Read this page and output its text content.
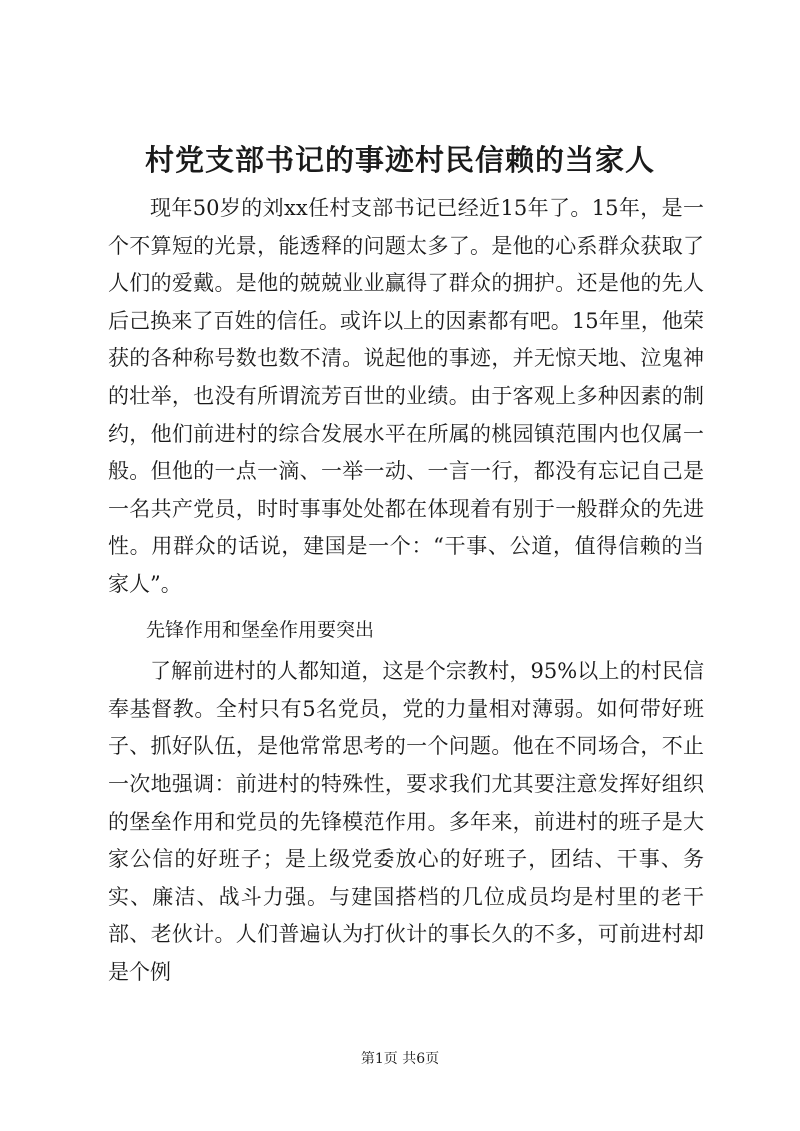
村党支部书记的事迹村民信赖的当家人

现年50岁的刘xx任村支部书记已经近15年了。15年，是一个不算短的光景，能透释的问题太多了。是他的心系群众获取了人们的爱戴。是他的兢兢业业赢得了群众的拥护。还是他的先人后己换来了百姓的信任。或许以上的因素都有吧。15年里，他荣获的各种称号数也数不清。说起他的事迹，并无惊天地、泣鬼神的壮举，也没有所谓流芳百世的业绩。由于客观上多种因素的制约，他们前进村的综合发展水平在所属的桃园镇范围内也仅属一般。但他的一点一滴、一举一动、一言一行，都没有忘记自己是一名共产党员，时时事事处处都在体现着有别于一般群众的先进性。用群众的话说，建国是一个：“干事、公道，值得信赖的当家人”。

先锋作用和堡垒作用要突出

了解前进村的人都知道，这是个宗教村，95%以上的村民信奉基督教。全村只有5名党员，党的力量相对薄弱。如何带好班子、抓好队伍，是他常常思考的一个问题。他在不同场合，不止一次地强调：前进村的特殊性，要求我们尤其要注意发挥好组织的堡垒作用和党员的先锋模范作用。多年来，前进村的班子是大家公信的好班子；是上级党委放心的好班子，团结、干事、务实、廉洁、战斗力强。与建国搭档的几位成员均是村里的老干部、老伙计。人们普遍认为打伙计的事长久的不多，可前进村却是个例

第1页 共6页
